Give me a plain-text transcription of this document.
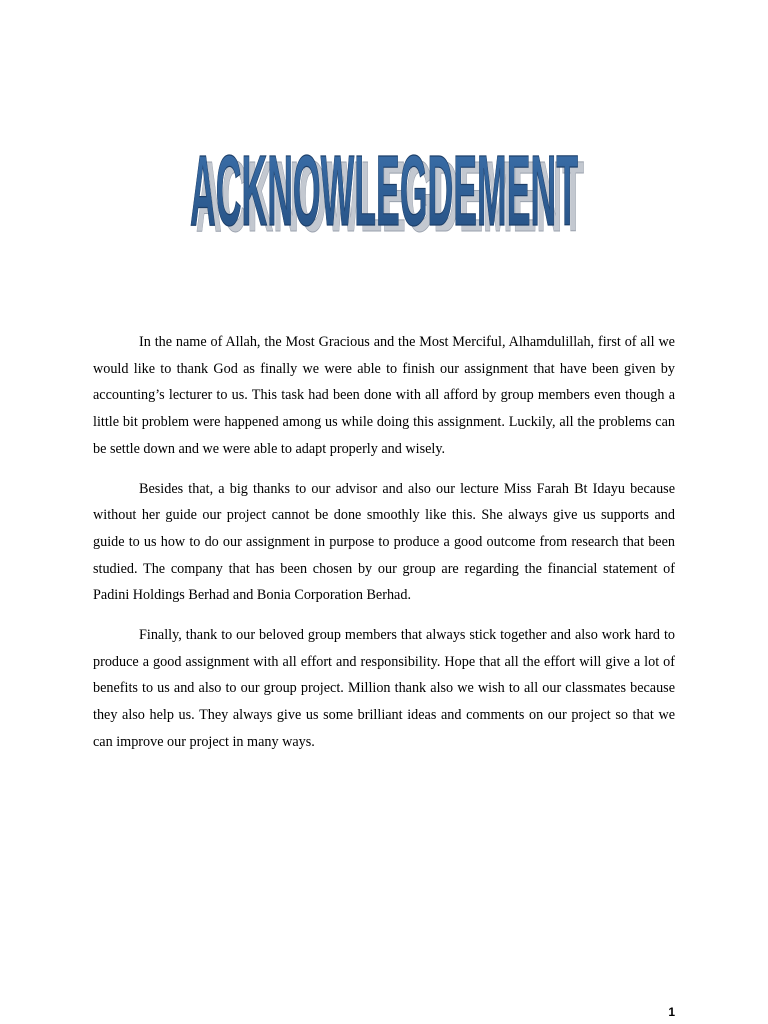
ACKNOWLEGDEMENT
ACKNOWLEGDEMENT

In the name of Allah, the Most Gracious and the Most Merciful, Alhamdulillah, first of all we would like to thank God as finally we were able to finish our assignment that have been given by accounting’s lecturer to us. This task had been done with all afford by group members even though a little bit problem were happened among us while doing this assignment. Luckily, all the problems can be settle down and we were able to adapt properly and wisely.

Besides that, a big thanks to our advisor and also our lecture Miss Farah Bt Idayu because without her guide our project cannot be done smoothly like this. She always give us supports and guide to us how to do our assignment in purpose to produce a good outcome from research that been studied. The company that has been chosen by our group are regarding the financial statement of Padini Holdings Berhad and Bonia Corporation Berhad.

Finally, thank to our beloved group members that always stick together and also work hard to produce a good assignment with all effort and responsibility. Hope that all the effort will give a lot of benefits to us and also to our group project. Million thank also we wish to all our classmates because they also help us. They always give us some brilliant ideas and comments on our project so that we can improve our project in many ways.

1
